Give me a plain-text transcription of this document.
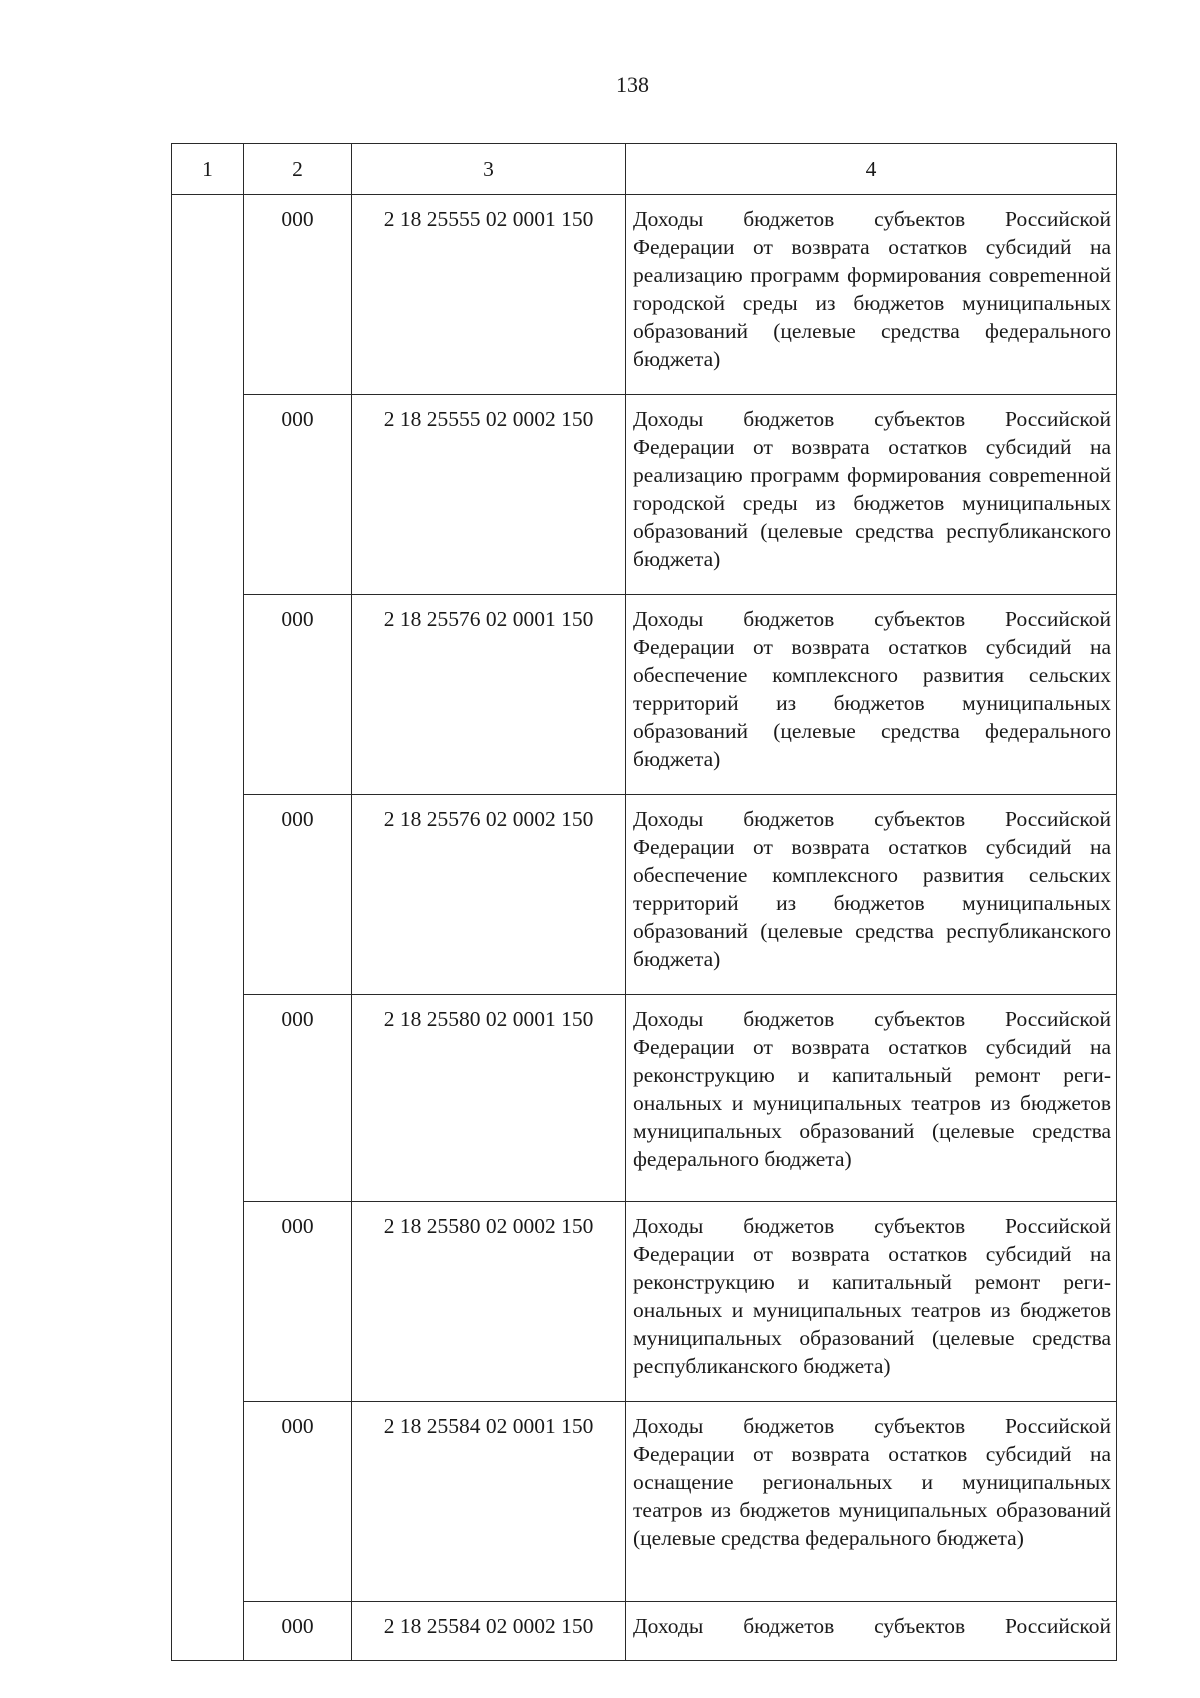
138
1	2	3	4
	000	2 18 25555 02 0001 150	Доходы бюджетов субъектов Российской Федерации от возврата остатков субсидий на реализацию программ формирования совреmенной городской среды из бюджетов муниципальных образований (целевые средства федерального бюджета)
	000	2 18 25555 02 0002 150	Доходы бюджетов субъектов Российской Федерации от возврата остатков субсидий на реализацию программ формирования совреmенной городской среды из бюджетов муниципальных образований (целевые средства республиканского бюджета)
	000	2 18 25576 02 0001 150	Доходы бюджетов субъектов Российской Федерации от возврата остатков субсидий на обеспечение комплексного развития сельских территорий из бюджетов муниципальных образований (целевые средства федерального бюджета)
	000	2 18 25576 02 0002 150	Доходы бюджетов субъектов Российской Федерации от возврата остатков субсидий на обеспечение комплексного развития сельских территорий из бюджетов муниципальных образований (целевые средства республиканского бюджета)
	000	2 18 25580 02 0001 150	Доходы бюджетов субъектов Российской Федерации от возврата остатков субсидий на реконструкцию и капитальный ремонт региональных и муниципальных театров из бюджетов муниципальных образований (целевые средства федерального бюджета)
	000	2 18 25580 02 0002 150	Доходы бюджетов субъектов Российской Федерации от возврата остатков субсидий на реконструкцию и капитальный ремонт региональных и муниципальных театров из бюджетов муниципальных образований (целевые средства республиканского бюджета)
	000	2 18 25584 02 0001 150	Доходы бюджетов субъектов Российской Федерации от возврата остатков субсидий на оснащение региональных и муниципальных театров из бюджетов муниципальных образований (целевые средства федерального бюджета)
	000	2 18 25584 02 0002 150	Доходы бюджетов субъектов Российской
